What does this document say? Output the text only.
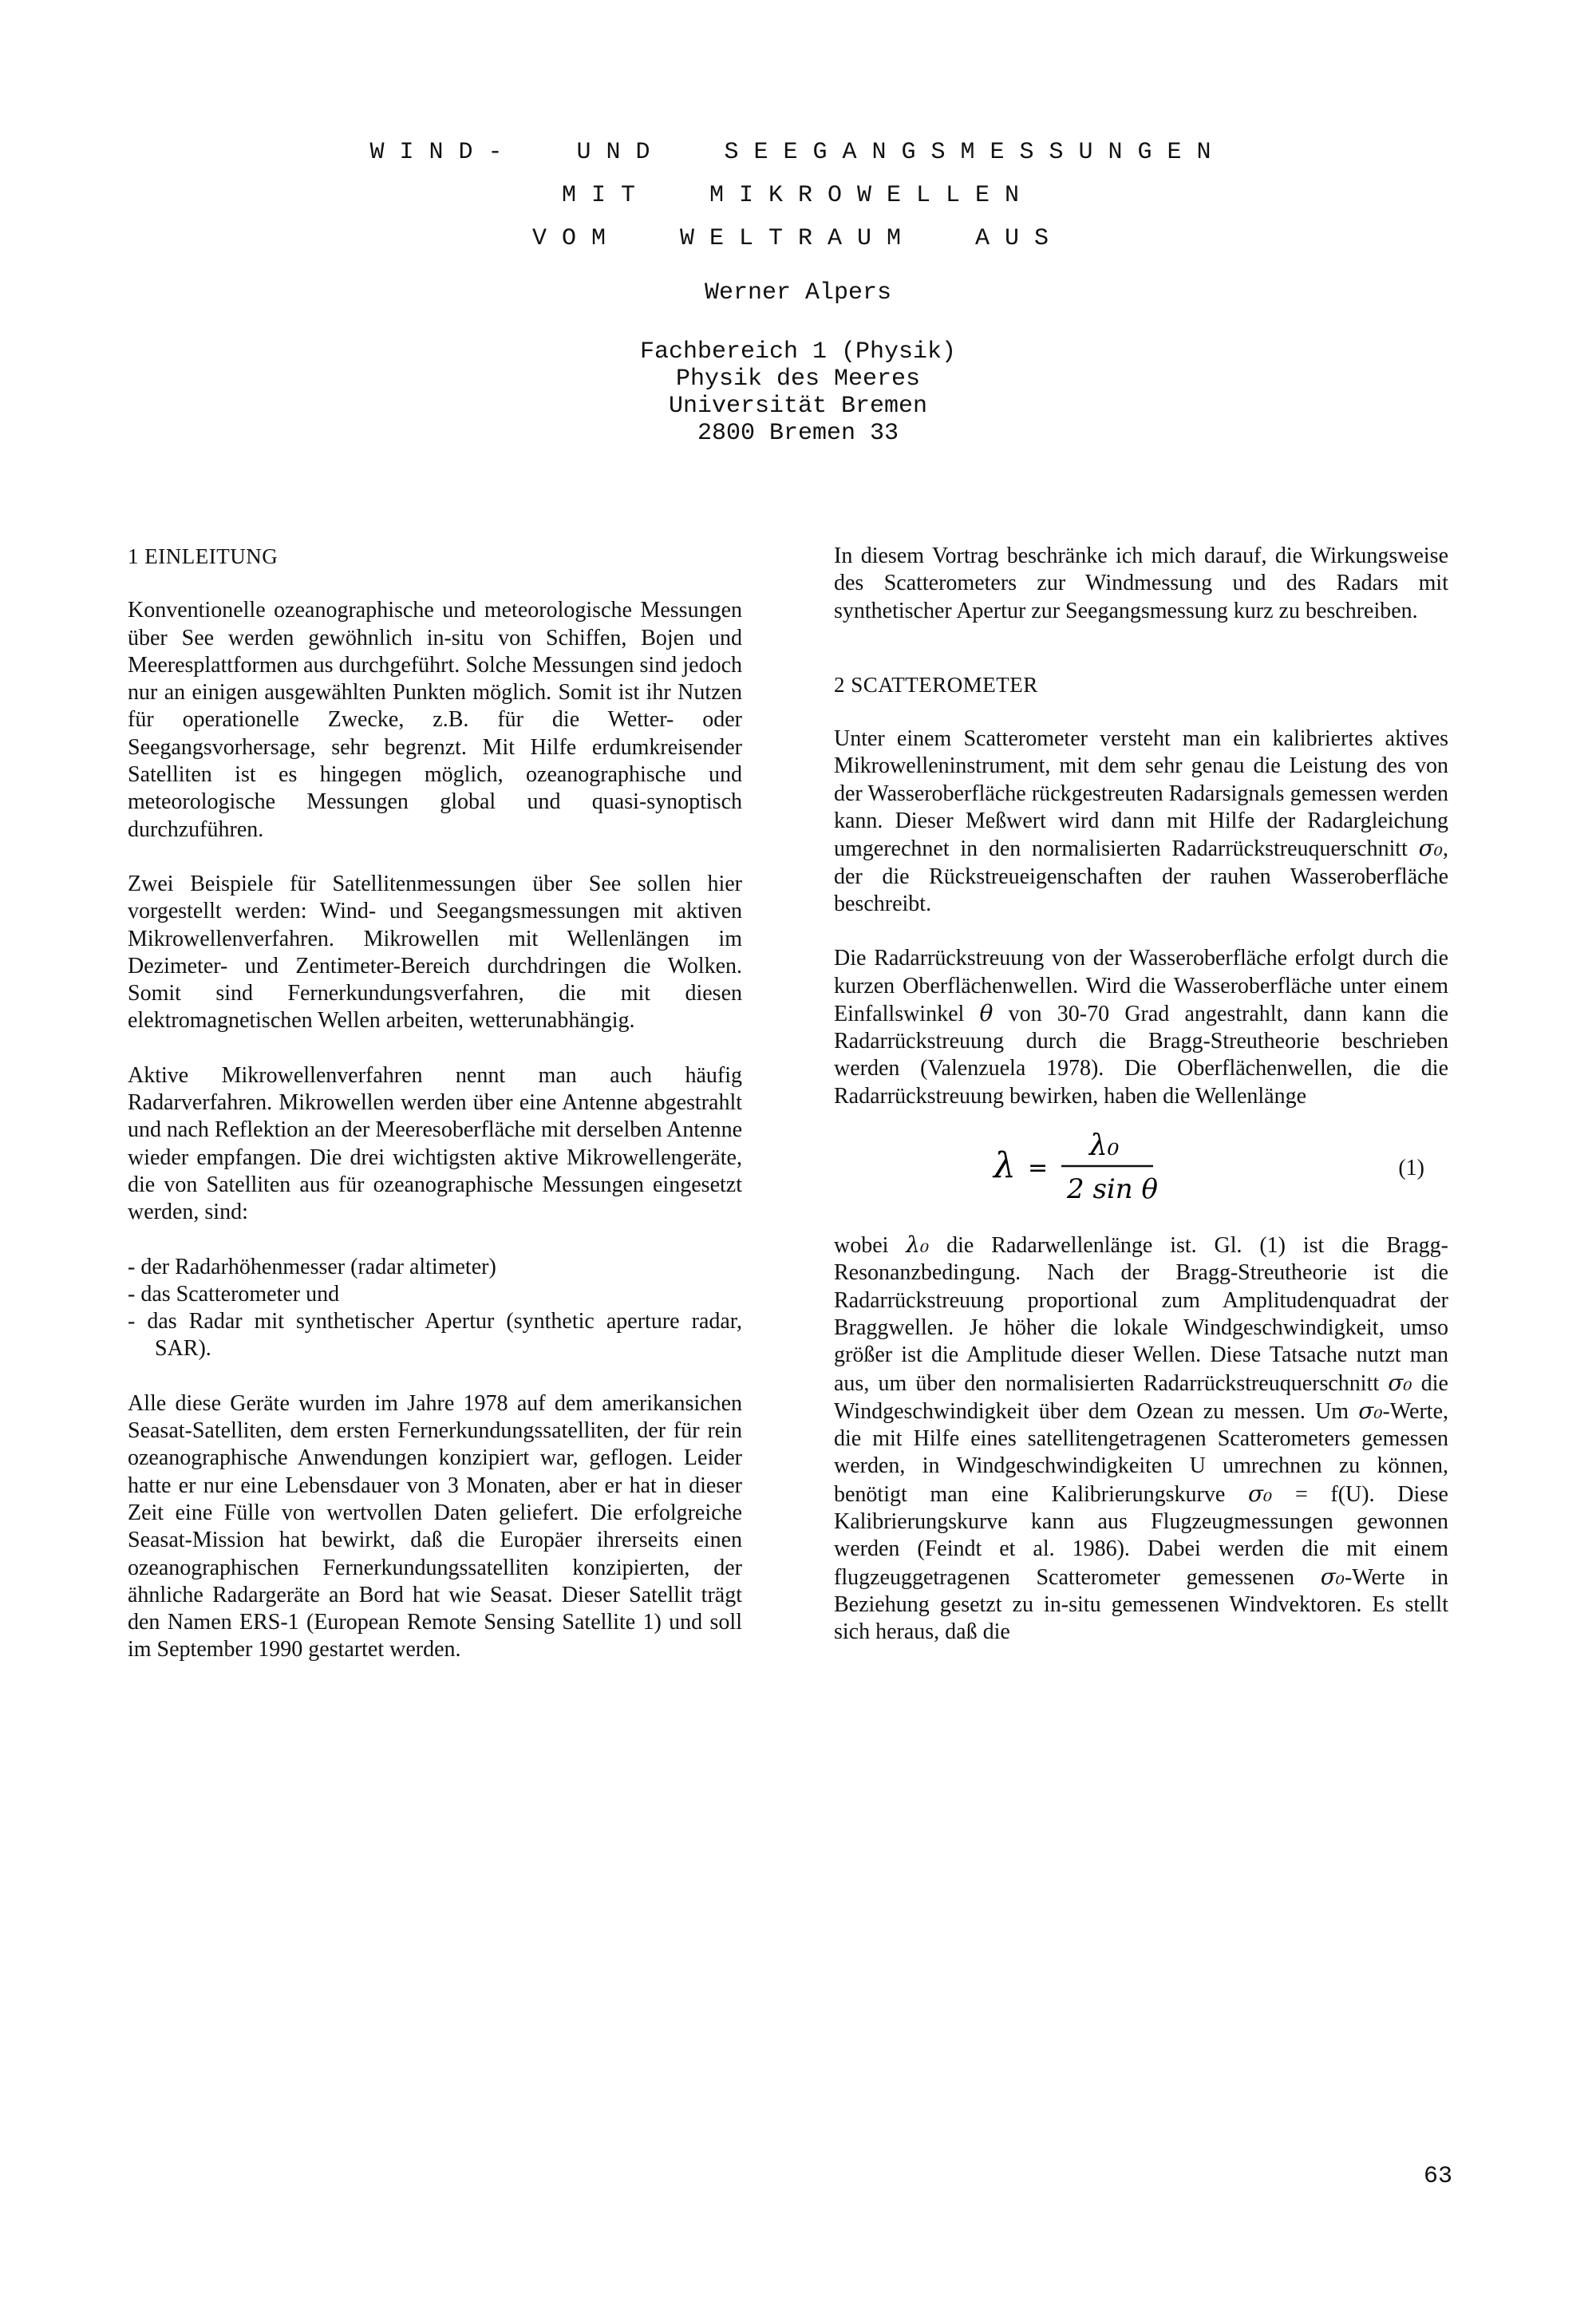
WIND-  UND  SEEGANGSMESSUNGEN
MIT  MIKROWELLEN
VOM  WELTRAUM  AUS
Werner Alpers
Fachbereich 1 (Physik)
Physik des Meeres
Universität Bremen
2800 Bremen 33
1 EINLEITUNG

Konventionelle ozeanographische und meteorologische Messungen über See werden gewöhnlich in-situ von Schiffen, Bojen und Meeresplattformen aus durchgeführt. Solche Messungen sind jedoch nur an einigen ausgewählten Punkten möglich. Somit ist ihr Nutzen für operationelle Zwecke, z.B. für die Wetter- oder Seegangsvorhersage, sehr begrenzt. Mit Hilfe erdumkreisender Satelliten ist es hingegen möglich, ozeanographische und meteorologische Messungen global und quasi-synoptisch durchzuführen.

Zwei Beispiele für Satellitenmessungen über See sollen hier vorgestellt werden: Wind- und Seegangsmessungen mit aktiven Mikrowellenverfahren. Mikrowellen mit Wellenlängen im Dezimeter- und Zentimeter-Bereich durchdringen die Wolken. Somit sind Fernerkundungsverfahren, die mit diesen elektromagnetischen Wellen arbeiten, wetterunabhängig.

Aktive Mikrowellenverfahren nennt man auch häufig Radarverfahren. Mikrowellen werden über eine Antenne abgestrahlt und nach Reflektion an der Meeresoberfläche mit derselben Antenne wieder empfangen. Die drei wichtigsten aktive Mikrowellengeräte, die von Satelliten aus für ozeanographische Messungen eingesetzt werden, sind:

- der Radarhöhenmesser (radar altimeter)
- das Scatterometer und
- das Radar mit synthetischer Apertur (synthetic aperture radar, SAR).

Alle diese Geräte wurden im Jahre 1978 auf dem amerikansichen Seasat-Satelliten, dem ersten Fernerkundungssatelliten, der für rein ozeanographische Anwendungen konzipiert war, geflogen. Leider hatte er nur eine Lebensdauer von 3 Monaten, aber er hat in dieser Zeit eine Fülle von wertvollen Daten geliefert. Die erfolgreiche Seasat-Mission hat bewirkt, daß die Europäer ihrerseits einen ozeanographischen Fernerkundungssatelliten konzipierten, der ähnliche Radargeräte an Bord hat wie Seasat. Dieser Satellit trägt den Namen ERS-1 (European Remote Sensing Satellite 1) und soll im September 1990 gestartet werden.

In diesem Vortrag beschränke ich mich darauf, die Wirkungsweise des Scatterometers zur Windmessung und des Radars mit synthetischer Apertur zur Seegangsmessung kurz zu beschreiben.

2 SCATTEROMETER

Unter einem Scatterometer versteht man ein kalibriertes aktives Mikrowelleninstrument, mit dem sehr genau die Leistung des von der Wasseroberfläche rückgestreuten Radarsignals gemessen werden kann. Dieser Meßwert wird dann mit Hilfe der Radargleichung umgerechnet in den normalisierten Radarrückstreuquerschnitt σ₀, der die Rückstreueigenschaften der rauhen Wasseroberfläche beschreibt.

Die Radarrückstreuung von der Wasseroberfläche erfolgt durch die kurzen Oberflächenwellen. Wird die Wasseroberfläche unter einem Einfallswinkel θ von 30-70 Grad angestrahlt, dann kann die Radarrückstreuung durch die Bragg-Streutheorie beschrieben werden (Valenzuela 1978). Die Oberflächenwellen, die die Radarrückstreuung bewirken, haben die Wellenlänge

λ =
λ₀
2 sin θ
(1)

wobei λ₀ die Radarwellenlänge ist. Gl. (1) ist die Bragg-Resonanzbedingung. Nach der Bragg-Streutheorie ist die Radarrückstreuung proportional zum Amplitudenquadrat der Braggwellen. Je höher die lokale Windgeschwindigkeit, umso größer ist die Amplitude dieser Wellen. Diese Tatsache nutzt man aus, um über den normalisierten Radarrückstreuquerschnitt σ₀ die Windgeschwindigkeit über dem Ozean zu messen. Um σ₀-Werte, die mit Hilfe eines satellitengetragenen Scatterometers gemessen werden, in Windgeschwindigkeiten U umrechnen zu können, benötigt man eine Kalibrierungskurve σ₀ = f(U). Diese Kalibrierungskurve kann aus Flugzeugmessungen gewonnen werden (Feindt et al. 1986). Dabei werden die mit einem flugzeuggetragenen Scatterometer gemessenen σ₀-Werte in Beziehung gesetzt zu in-situ gemessenen Windvektoren. Es stellt sich heraus, daß die

63
